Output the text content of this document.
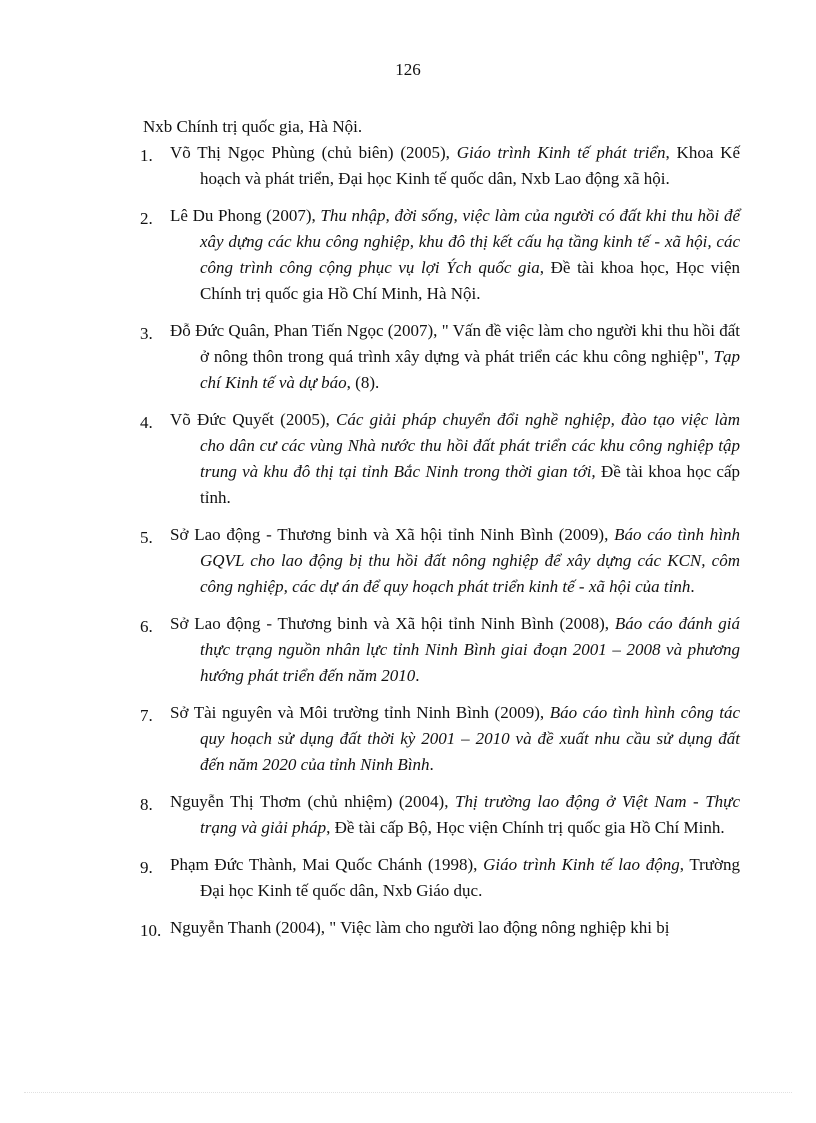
126

Nxb Chính trị quốc gia, Hà Nội.

1.	Võ Thị Ngọc Phùng (chủ biên) (2005), Giáo trình Kinh tế phát triển, Khoa Kế hoạch và phát triển, Đại học Kinh tế quốc dân, Nxb Lao động xã hội.
2.	Lê Du Phong (2007), Thu nhập, đời sống, việc làm của người có đất khi thu hồi để xây dựng các khu công nghiệp, khu đô thị kết cấu hạ tầng kinh tế - xã hội, các công trình công cộng phục vụ lợi Ých quốc gia, Đề tài khoa học, Học viện Chính trị quốc gia Hồ Chí Minh, Hà Nội.
3.	Đỗ Đức Quân, Phan Tiến Ngọc (2007), " Vấn đề việc làm cho người khi thu hồi đất ở nông thôn trong quá trình xây dựng và phát triển các khu công nghiệp", Tạp chí Kinh tế và dự báo, (8).
4.	Võ Đức Quyết (2005), Các giải pháp chuyển đổi nghề nghiệp, đào tạo việc làm cho dân cư các vùng Nhà nước thu hồi đất phát triển các khu công nghiệp tập trung và khu đô thị tại tỉnh Bắc Ninh trong thời gian tới, Đề tài khoa học cấp tỉnh.
5.	Sở Lao động - Thương binh và Xã hội tỉnh Ninh Bình (2009), Báo cáo tình hình GQVL cho lao động bị thu hồi đất nông nghiệp để xây dựng các KCN, côm công nghiệp, các dự án để quy hoạch phát triển kinh tế - xã hội của tỉnh.
6.	Sở Lao động - Thương binh và Xã hội tỉnh Ninh Bình (2008), Báo cáo đánh giá thực trạng nguồn nhân lực tỉnh Ninh Bình giai đoạn 2001 – 2008 và phương hướng phát triển đến năm 2010.
7.	Sở Tài nguyên và Môi trường tỉnh Ninh Bình (2009), Báo cáo tình hình công tác quy hoạch sử dụng đất thời kỳ 2001 – 2010 và đề xuất nhu cầu sử dụng đất đến năm 2020 của tỉnh Ninh Bình.
8.	Nguyễn Thị Thơm (chủ nhiệm) (2004), Thị trường lao động ở Việt Nam - Thực trạng và giải pháp, Đề tài cấp Bộ, Học viện Chính trị quốc gia Hồ Chí Minh.
9.	Phạm Đức Thành, Mai Quốc Chánh (1998), Giáo trình Kinh tế lao động, Trường Đại học Kinh tế quốc dân, Nxb Giáo dục.
10. Nguyễn Thanh (2004), " Việc làm cho người lao động nông nghiệp khi bị
